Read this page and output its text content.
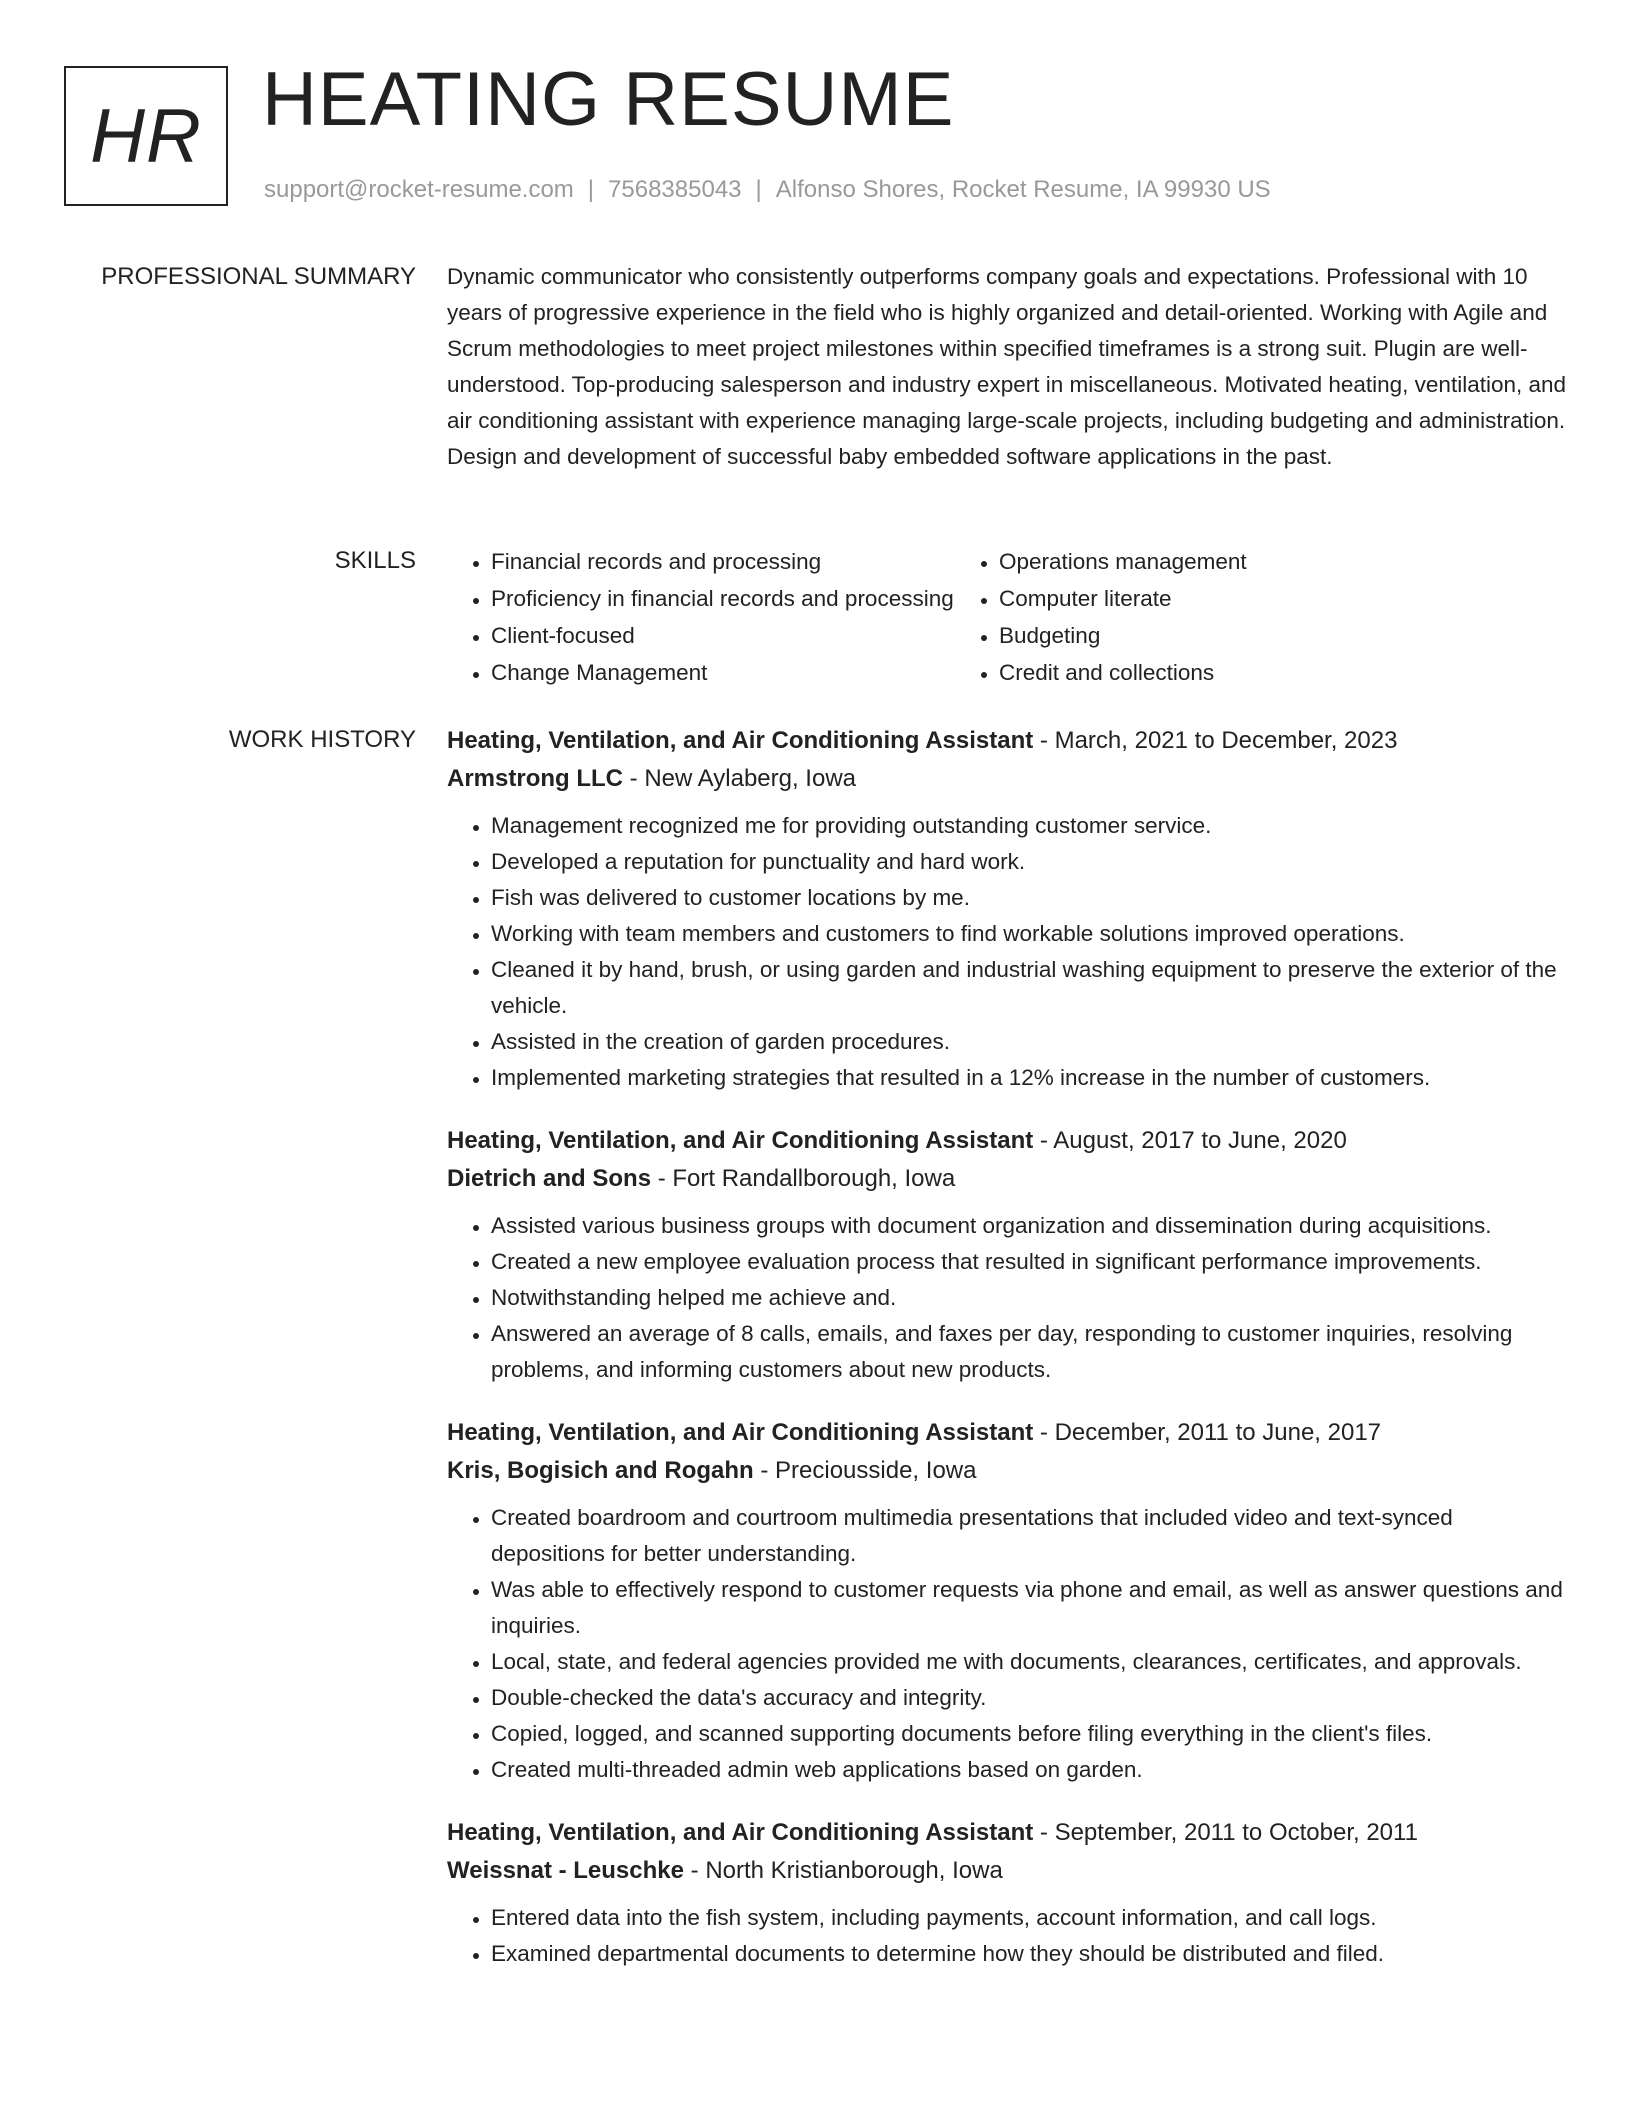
HR HEATING RESUME
support@rocket-resume.com | 7568385043 | Alfonso Shores, Rocket Resume, IA 99930 US
PROFESSIONAL SUMMARY Dynamic communicator who consistently outperforms company goals and expectations. Professional with 10 years of progressive experience in the field who is highly organized and detail-oriented. Working with Agile and Scrum methodologies to meet project milestones within specified timeframes is a strong suit. Plugin are well-understood. Top-producing salesperson and industry expert in miscellaneous. Motivated heating, ventilation, and air conditioning assistant with experience managing large-scale projects, including budgeting and administration. Design and development of successful baby embedded software applications in the past.

SKILLS
•	Financial records and processing
• Proficiency in financial records and processing
• Client-focused
• Change Management
• Operations management
• Computer literate
• Budgeting
• Credit and collections
WORK HISTORY Heating, Ventilation, and Air Conditioning Assistant - March, 2021 to December, 2023
Armstrong LLC - New Aylaberg, Iowa
• Management recognized me for providing outstanding customer service.
• Developed a reputation for punctuality and hard work.
• Fish was delivered to customer locations by me.
• Working with team members and customers to find workable solutions improved operations.
• Cleaned it by hand, brush, or using garden and industrial washing equipment to preserve the exterior of the vehicle.
• Assisted in the creation of garden procedures.
• Implemented marketing strategies that resulted in a 12% increase in the number of customers.
Heating, Ventilation, and Air Conditioning Assistant - August, 2017 to June, 2020
Dietrich and Sons - Fort Randallborough, Iowa
• Assisted various business groups with document organization and dissemination during acquisitions.
• Created a new employee evaluation process that resulted in significant performance improvements.
• Notwithstanding helped me achieve and.
• Answered an average of 8 calls, emails, and faxes per day, responding to customer inquiries, resolving problems, and informing customers about new products.
Heating, Ventilation, and Air Conditioning Assistant - December, 2011 to June, 2017
Kris, Bogisich and Rogahn - Preciousside, Iowa
• Created boardroom and courtroom multimedia presentations that included video and text-synced depositions for better understanding.
• Was able to effectively respond to customer requests via phone and email, as well as answer questions and inquiries.
• Local, state, and federal agencies provided me with documents, clearances, certificates, and approvals.
• Double-checked the data's accuracy and integrity.
• Copied, logged, and scanned supporting documents before filing everything in the client's files.
• Created multi-threaded admin web applications based on garden.
Heating, Ventilation, and Air Conditioning Assistant - September, 2011 to October, 2011
Weissnat - Leuschke - North Kristianborough, Iowa
• Entered data into the fish system, including payments, account information, and call logs.
• Examined departmental documents to determine how they should be distributed and filed.
